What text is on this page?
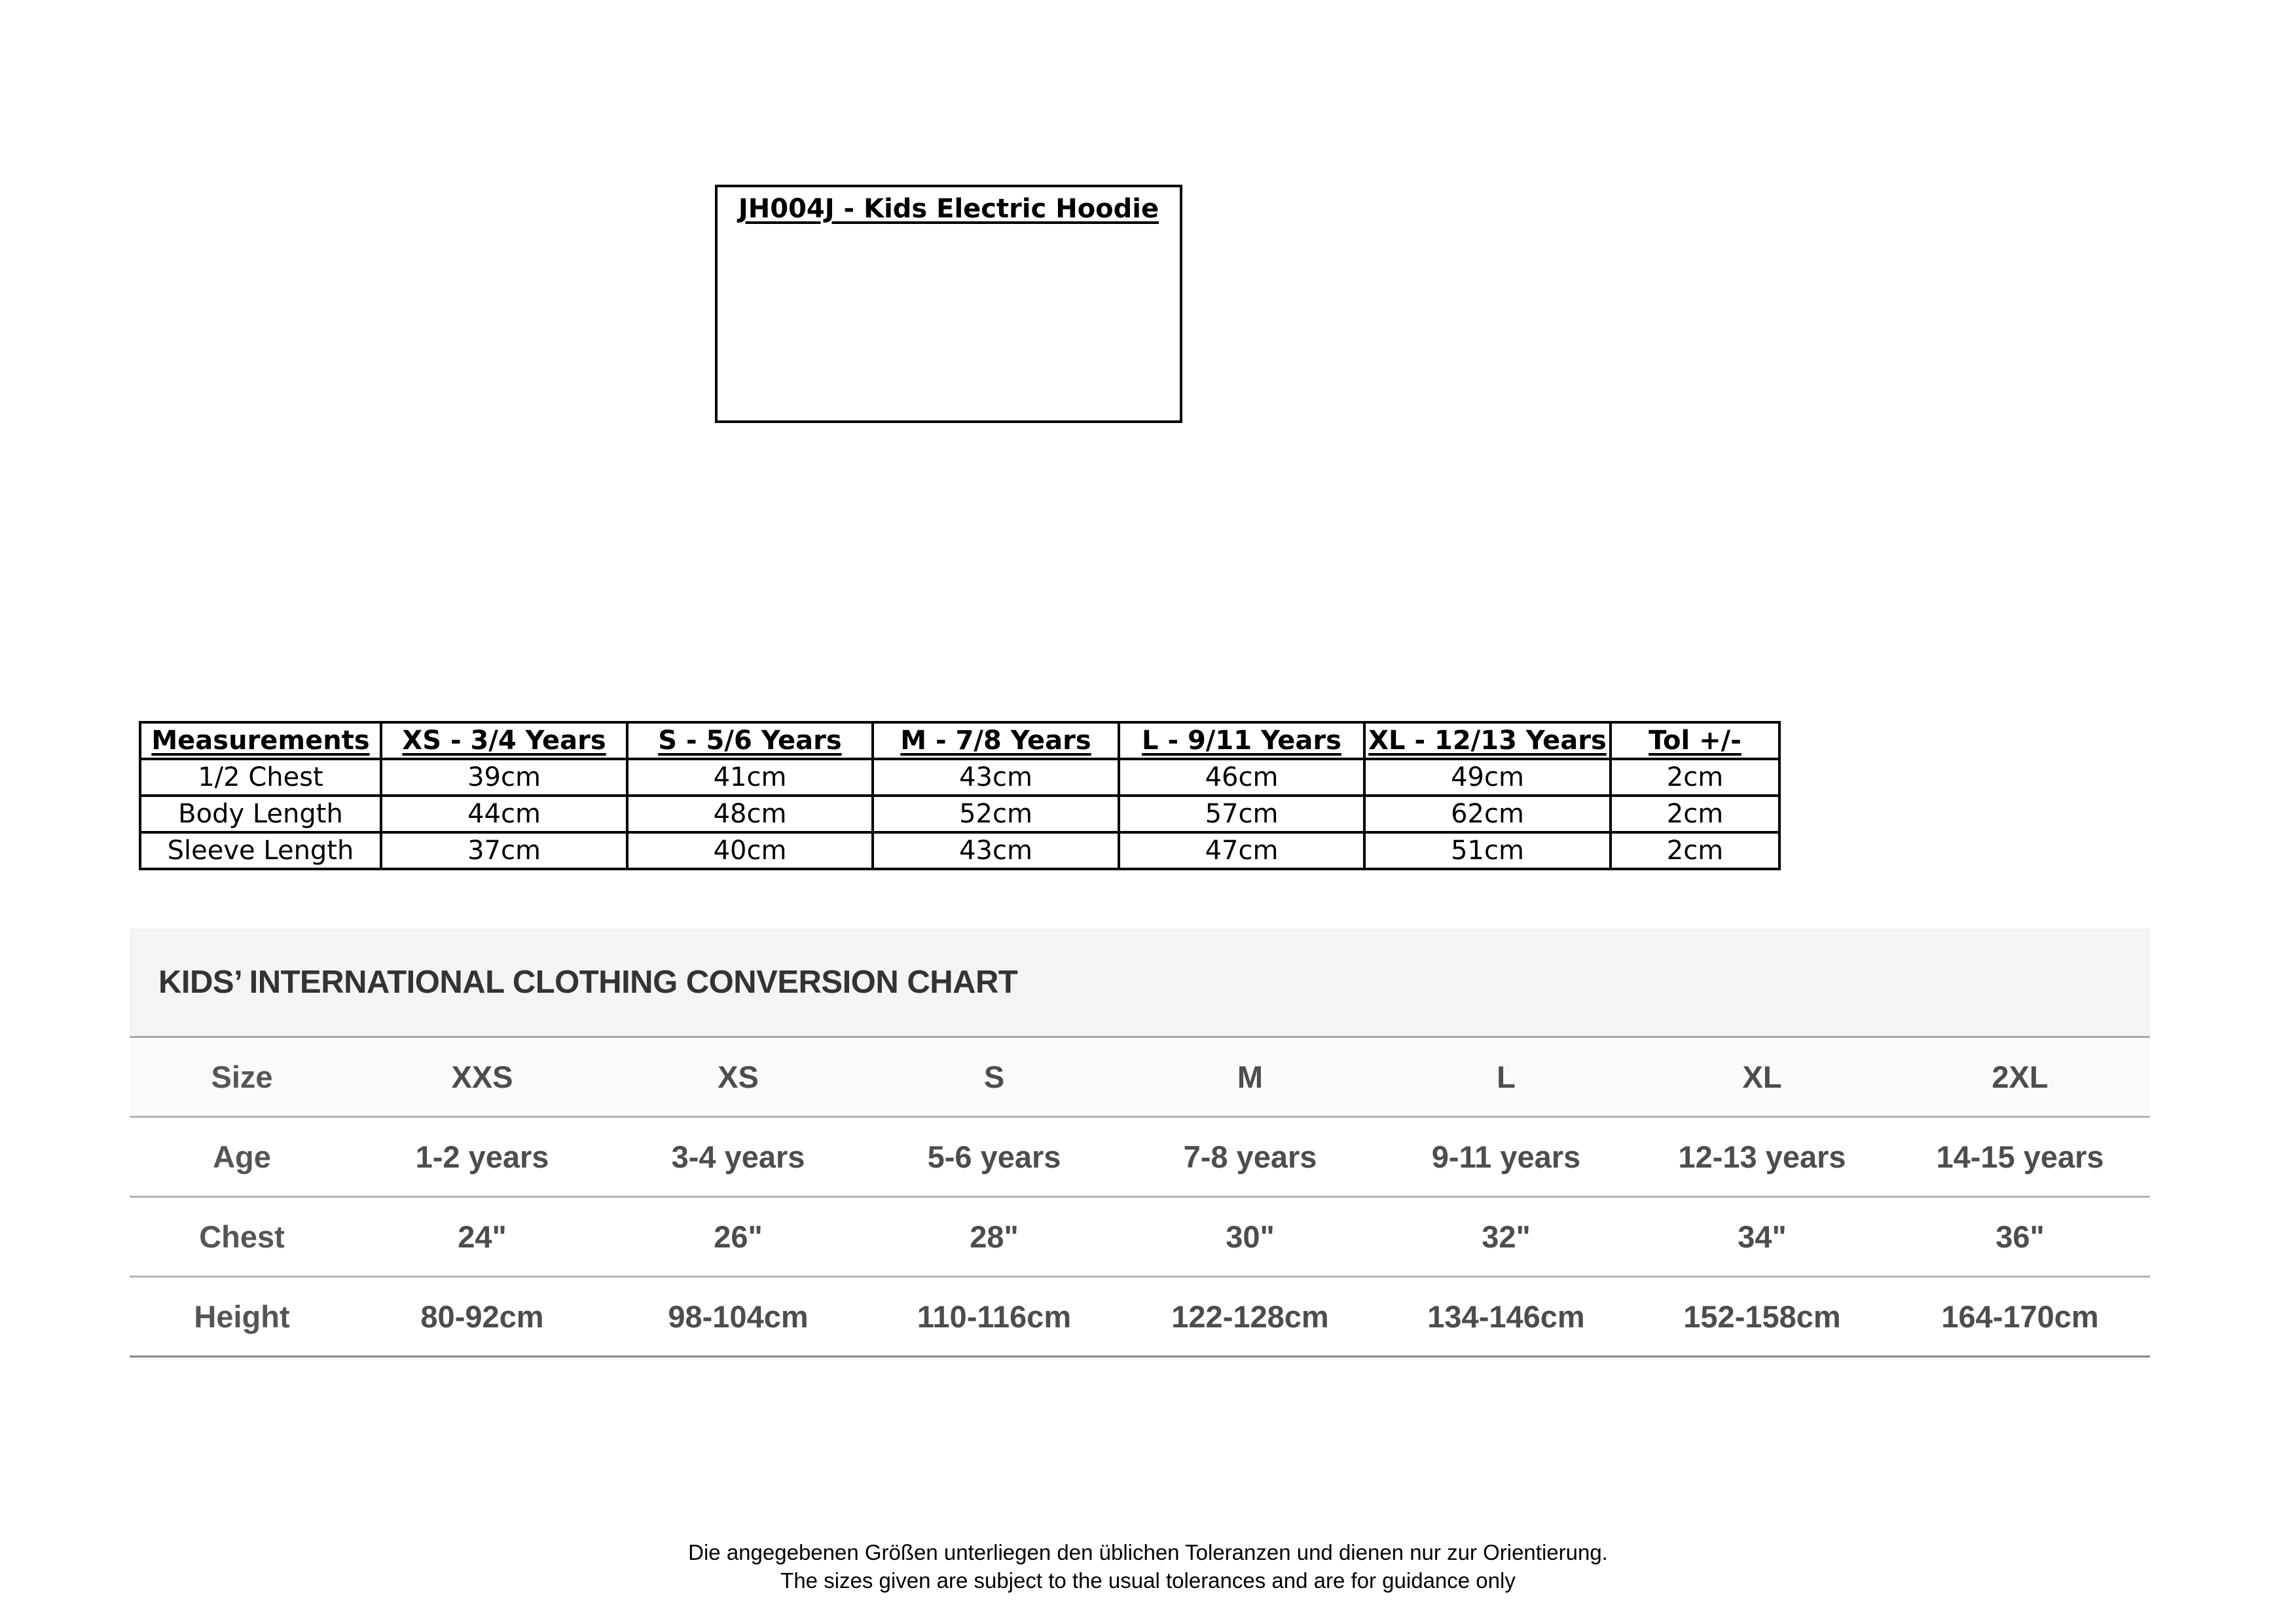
JH004J - Kids Electric Hoodie
Measurements	XS - 3/4 Years	S - 5/6 Years	M - 7/8 Years	L - 9/11 Years	XL - 12/13 Years	Tol +/-
1/2 Chest	39cm	41cm	43cm	46cm	49cm	2cm
Body Length	44cm	48cm	52cm	57cm	62cm	2cm
Sleeve Length	37cm	40cm	43cm	47cm	51cm	2cm
KIDS’ INTERNATIONAL CLOTHING CONVERSION CHART
Size	XXS	XS	S	M	L	XL	2XL
Age	1-2 years	3-4 years	5-6 years	7-8 years	9-11 years	12-13 years	14-15 years
Chest	24"	26"	28"	30"	32"	34"	36"
Height	80-92cm	98-104cm	110-116cm	122-128cm	134-146cm	152-158cm	164-170cm
Die angegebenen Größen unterliegen den üblichen Toleranzen und dienen nur zur Orientierung.
The sizes given are subject to the usual tolerances and are for guidance only
